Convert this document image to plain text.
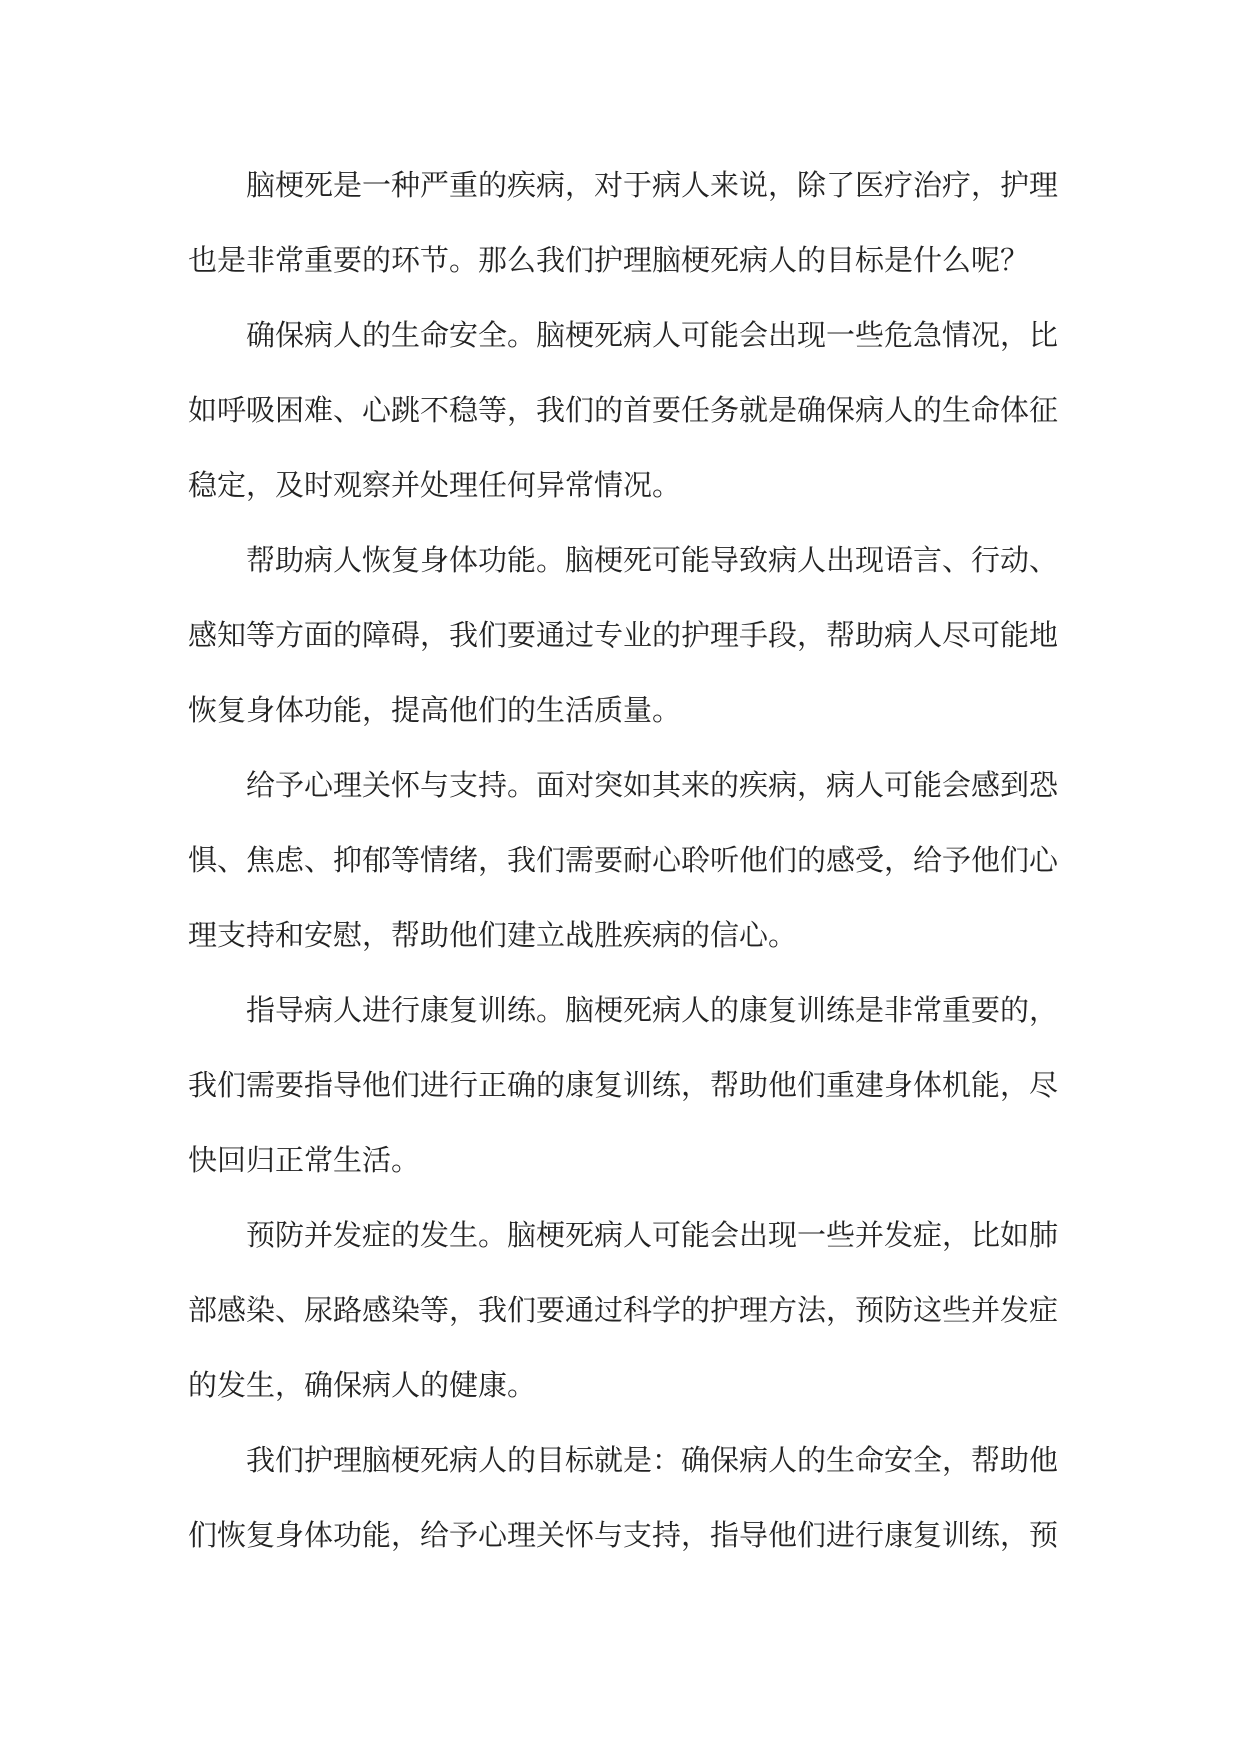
脑梗死是一种严重的疾病，对于病人来说，除了医疗治疗，护理也是非常重要的环节。那么我们护理脑梗死病人的目标是什么呢？

确保病人的生命安全。脑梗死病人可能会出现一些危急情况，比如呼吸困难、心跳不稳等，我们的首要任务就是确保病人的生命体征稳定，及时观察并处理任何异常情况。

帮助病人恢复身体功能。脑梗死可能导致病人出现语言、行动、感知等方面的障碍，我们要通过专业的护理手段，帮助病人尽可能地恢复身体功能，提高他们的生活质量。

给予心理关怀与支持。面对突如其来的疾病，病人可能会感到恐惧、焦虑、抑郁等情绪，我们需要耐心聆听他们的感受，给予他们心理支持和安慰，帮助他们建立战胜疾病的信心。

指导病人进行康复训练。脑梗死病人的康复训练是非常重要的，我们需要指导他们进行正确的康复训练，帮助他们重建身体机能，尽快回归正常生活。

预防并发症的发生。脑梗死病人可能会出现一些并发症，比如肺部感染、尿路感染等，我们要通过科学的护理方法，预防这些并发症的发生，确保病人的健康。

我们护理脑梗死病人的目标就是：确保病人的生命安全，帮助他们恢复身体功能，给予心理关怀与支持，指导他们进行康复训练，预
